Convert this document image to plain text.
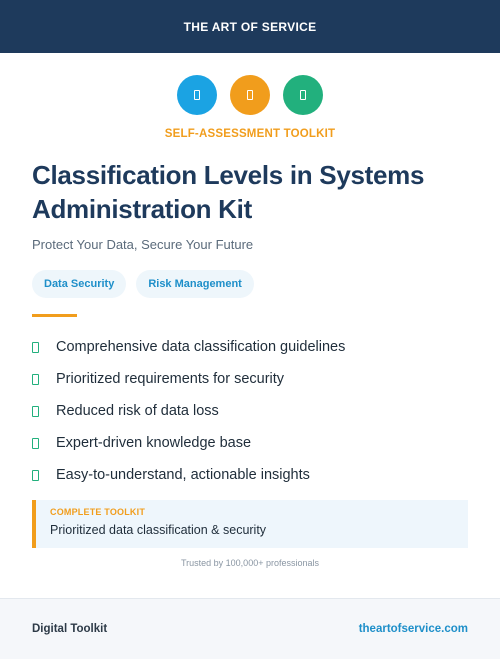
THE ART OF SERVICE
SELF-ASSESSMENT TOOLKIT
Classification Levels in Systems Administration Kit

Protect Your Data, Secure Your Future

Data Security	Risk Management
Comprehensive data classification guidelines
Prioritized requirements for security
Reduced risk of data loss
Expert-driven knowledge base
Easy-to-understand, actionable insights
COMPLETE TOOLKIT
Prioritized data classification & security
Trusted by 100,000+ professionals
Digital Toolkit	theartofservice.com
